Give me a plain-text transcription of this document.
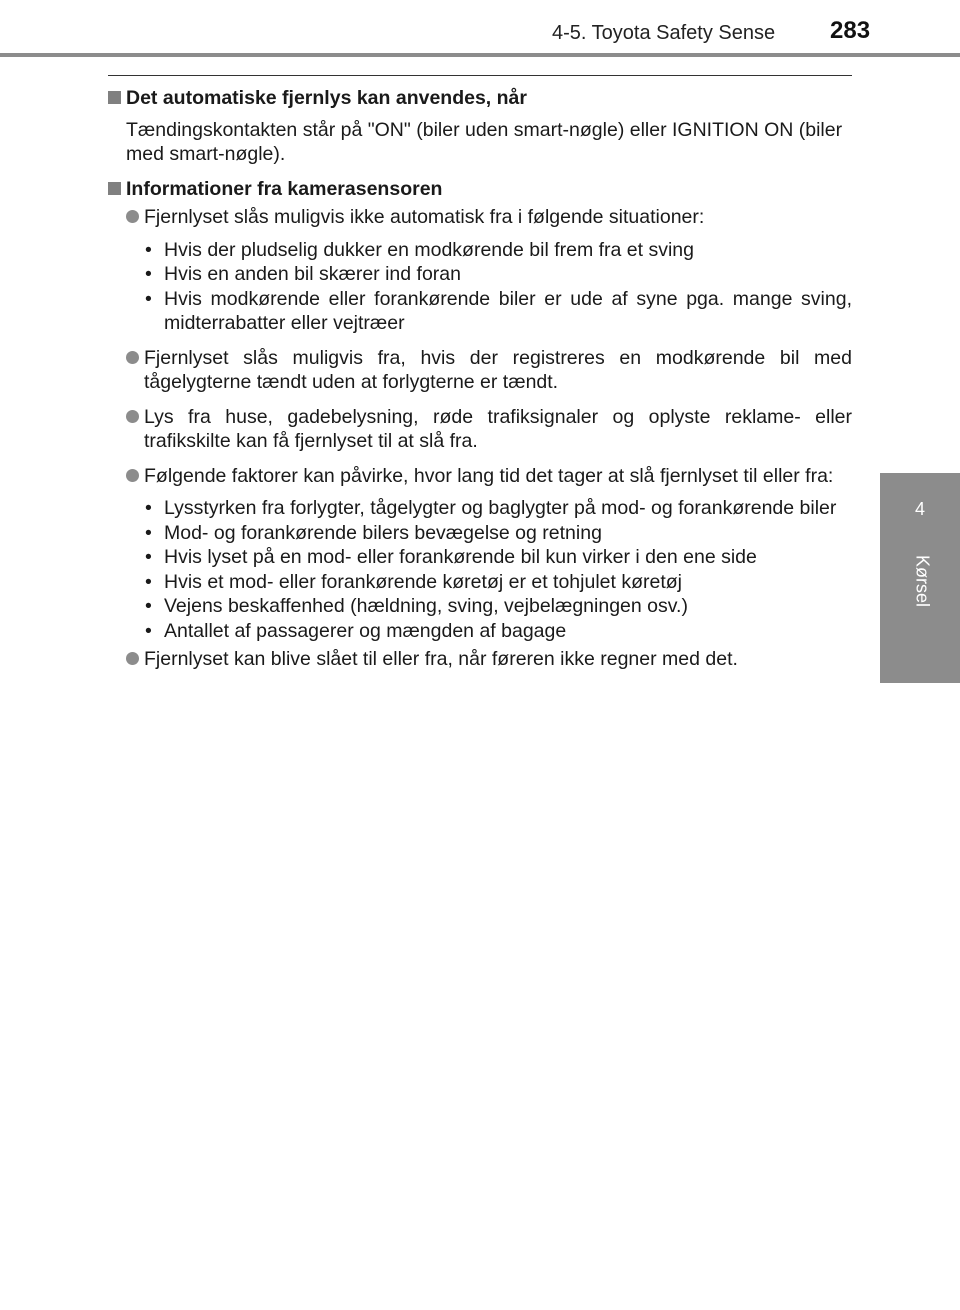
4-5. Toyota Safety Sense 283
4
Kørsel
Det automatiske fjernlys kan anvendes, når
Tændingskontakten står på "ON" (biler uden smart-nøgle) eller IGNITION ON (biler med smart-nøgle).
Informationer fra kamerasensoren
Fjernlyset slås muligvis ikke automatisk fra i følgende situationer:
• Hvis der pludselig dukker en modkørende bil frem fra et sving
• Hvis en anden bil skærer ind foran
• Hvis modkørende eller forankørende biler er ude af syne pga. mange sving, midterrabatter eller vejtræer
Fjernlyset slås muligvis fra, hvis der registreres en modkørende bil med tågelygterne tændt uden at forlygterne er tændt.
Lys fra huse, gadebelysning, røde trafiksignaler og oplyste reklame- eller trafikskilte kan få fjernlyset til at slå fra.
Følgende faktorer kan påvirke, hvor lang tid det tager at slå fjernlyset til eller fra:
• Lysstyrken fra forlygter, tågelygter og baglygter på mod- og forankørende biler
• Mod- og forankørende bilers bevægelse og retning
• Hvis lyset på en mod- eller forankørende bil kun virker i den ene side
• Hvis et mod- eller forankørende køretøj er et tohjulet køretøj
• Vejens beskaffenhed (hældning, sving, vejbelægningen osv.)
• Antallet af passagerer og mængden af bagage
Fjernlyset kan blive slået til eller fra, når føreren ikke regner med det.
